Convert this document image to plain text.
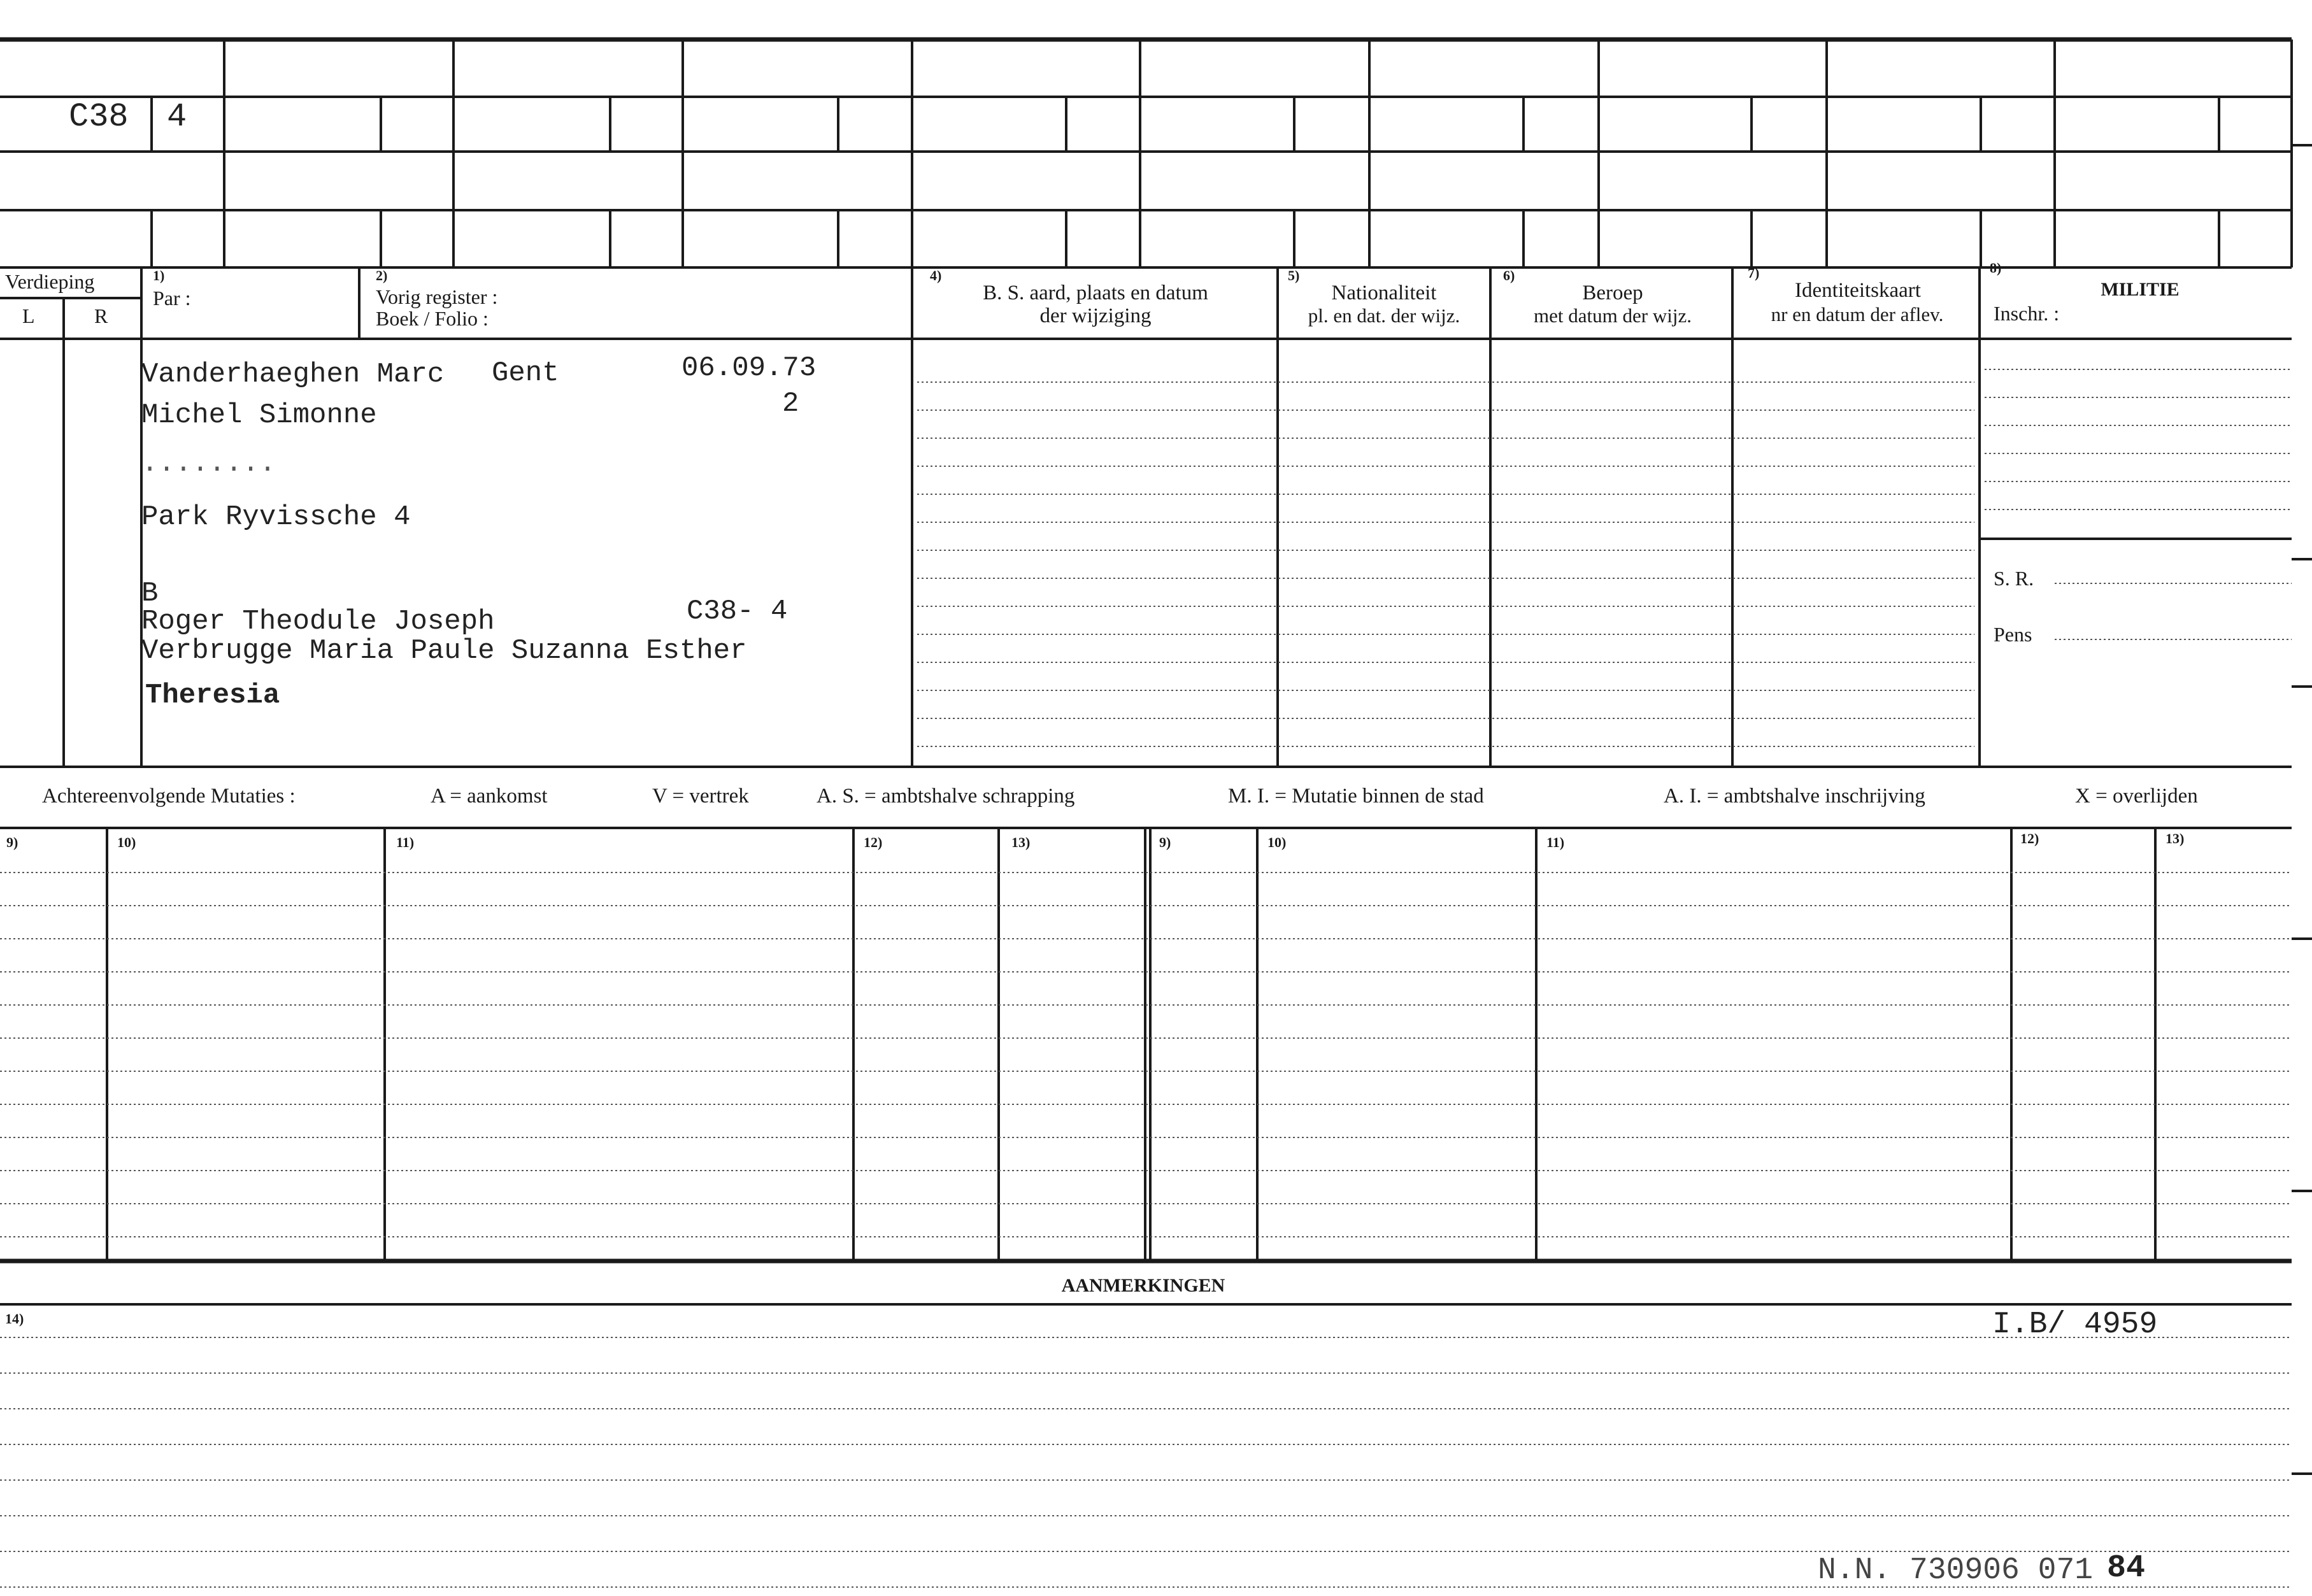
C38 4
Verdieping
L	R
1)
Par :
2)
Vorig register :
Boek / Folio :
4)
B. S. aard, plaats en datum
der wijziging
5)
Nationaliteit
pl. en dat. der wijz.
6)
Beroep
met datum der wijz.
7)
Identiteitskaart
nr en datum der aflev.
8)
MILITIE
Inschr. :
S. R.
Pens
Vanderhaeghen Marc Gent	06.09.73
2
Michel Simonne
........
Park Ryvissche 4
B
Roger Theodule Joseph	C38- 4
Verbrugge Maria Paule Suzanna Esther
Theresia
Achtereenvolgende Mutaties :	A = aankomst	V = vertrek	A. S. = ambtshalve schrapping	M. I. = Mutatie binnen de stad	A. I. = ambtshalve inschrijving	X = overlijden
9)	10)	11)	12)	13)	9)	10)	11)	12)	13)
AANMERKINGEN
14)	I.B/ 4959
N.N. 730906 071 84
